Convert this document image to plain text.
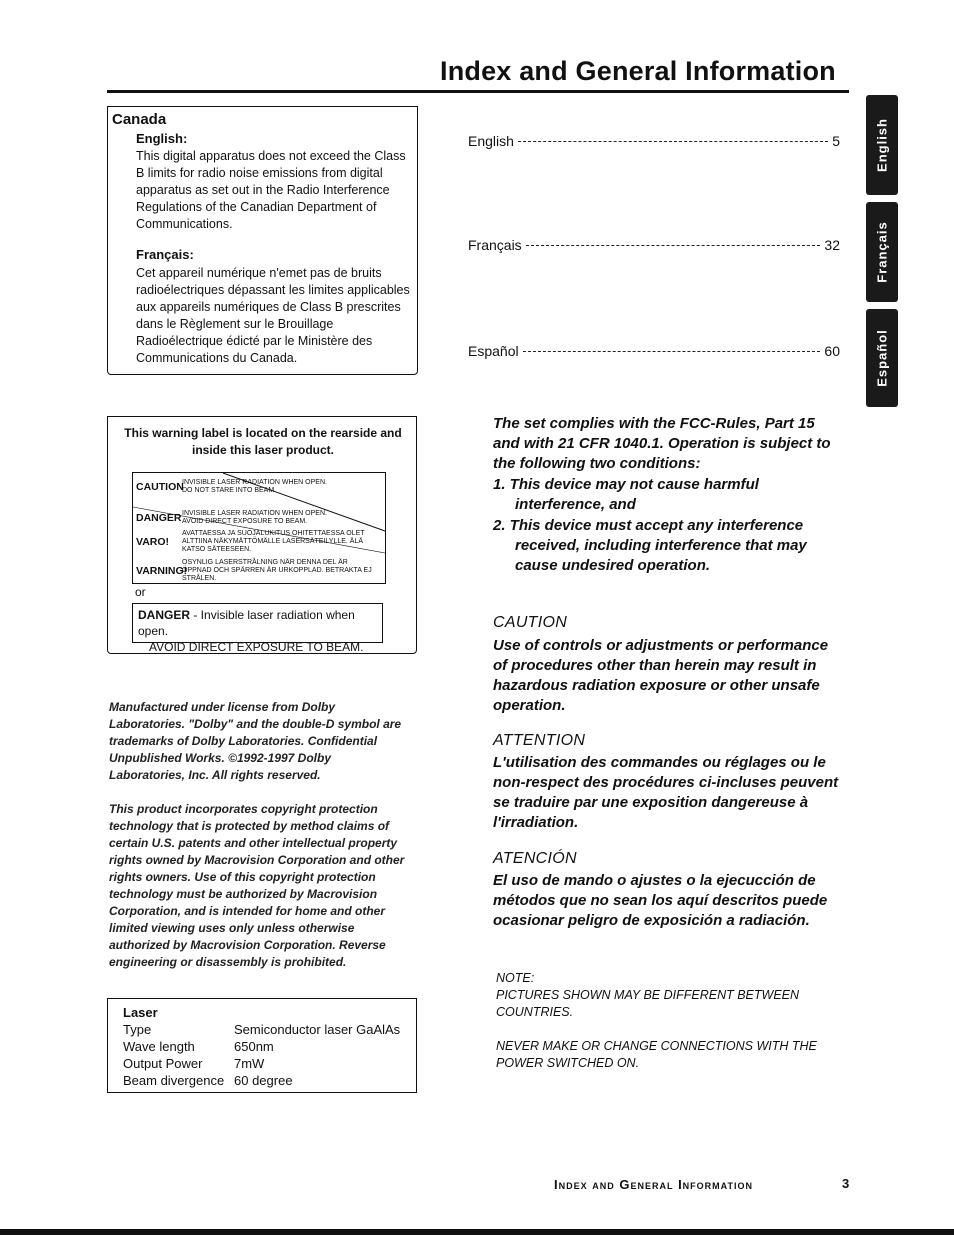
Index and General Information
English
Français
Español
Canada
English:
This digital apparatus does not exceed the Class B limits for radio noise emissions from digital apparatus as set out in the Radio Interference Regulations of the Canadian Department of Communications.
Français:
Cet appareil numérique n'emet pas de bruits radioélectriques dépassant les limites applicables aux appareils numériques de Class B prescrites dans le Règlement sur le Brouillage Radioélectrique édicté par le Ministère des Communications du Canada.
English	5
Français	32
Español	60
This warning label is located on the rearside and inside this laser product.
CAUTION
INVISIBLE LASER RADIATION WHEN OPEN. DO NOT STARE INTO BEAM.
DANGER INVISIBLE LASER RADIATION WHEN OPEN. AVOID DIRECT EXPOSURE TO BEAM.
VARO!
AVATTAESSA JA SUOJALUKITUS OHITETTAESSA OLET ALTTIINA NÄKYMÄTTÖMÄLLE LASERSÄTEILYLLE. ÄLÄ KATSO SÄTEESEEN.
VARNING!
OSYNLIG LASERSTRÅLNING NÄR DENNA DEL ÄR ÖPPNAD OCH SPÄRREN ÄR URKOPPLAD. BETRAKTA EJ STRÅLEN.
or
DANGER - Invisible laser radiation when open.
AVOID DIRECT EXPOSURE TO BEAM.
Manufactured under license from Dolby Laboratories. "Dolby" and the double-D symbol are trademarks of Dolby Laboratories. Confidential Unpublished Works. ©1992-1997 Dolby Laboratories, Inc. All rights reserved.
This product incorporates copyright protection technology that is protected by method claims of certain U.S. patents and other intellectual property rights owned by Macrovision Corporation and other rights owners. Use of this copyright protection technology must be authorized by Macrovision Corporation, and is intended for home and other limited viewing uses only unless otherwise authorized by Macrovision Corporation. Reverse engineering or disassembly is prohibited.
Laser
Type	Semiconductor laser GaAlAs
Wave length	650nm
Output Power	7mW
Beam divergence 60 degree
The set complies with the FCC-Rules, Part 15 and with 21 CFR 1040.1. Operation is subject to the following two conditions:
1. This device may not cause harmful interference, and
2. This device must accept any interference received, including interference that may cause undesired operation.
CAUTION
Use of controls or adjustments or performance of procedures other than herein may result in hazardous radiation exposure or other unsafe operation.
ATTENTION
L'utilisation des commandes ou réglages ou le non-respect des procédures ci-incluses peuvent se traduire par une exposition dangereuse à l'irradiation.
ATENCIÓN
El uso de mando o ajustes o la ejecucción de métodos que no sean los aquí descritos puede ocasionar peligro de exposición a radiación.
NOTE:
PICTURES SHOWN MAY BE DIFFERENT BETWEEN COUNTRIES.
NEVER MAKE OR CHANGE CONNECTIONS WITH THE POWER SWITCHED ON.
Index and General Information	3
